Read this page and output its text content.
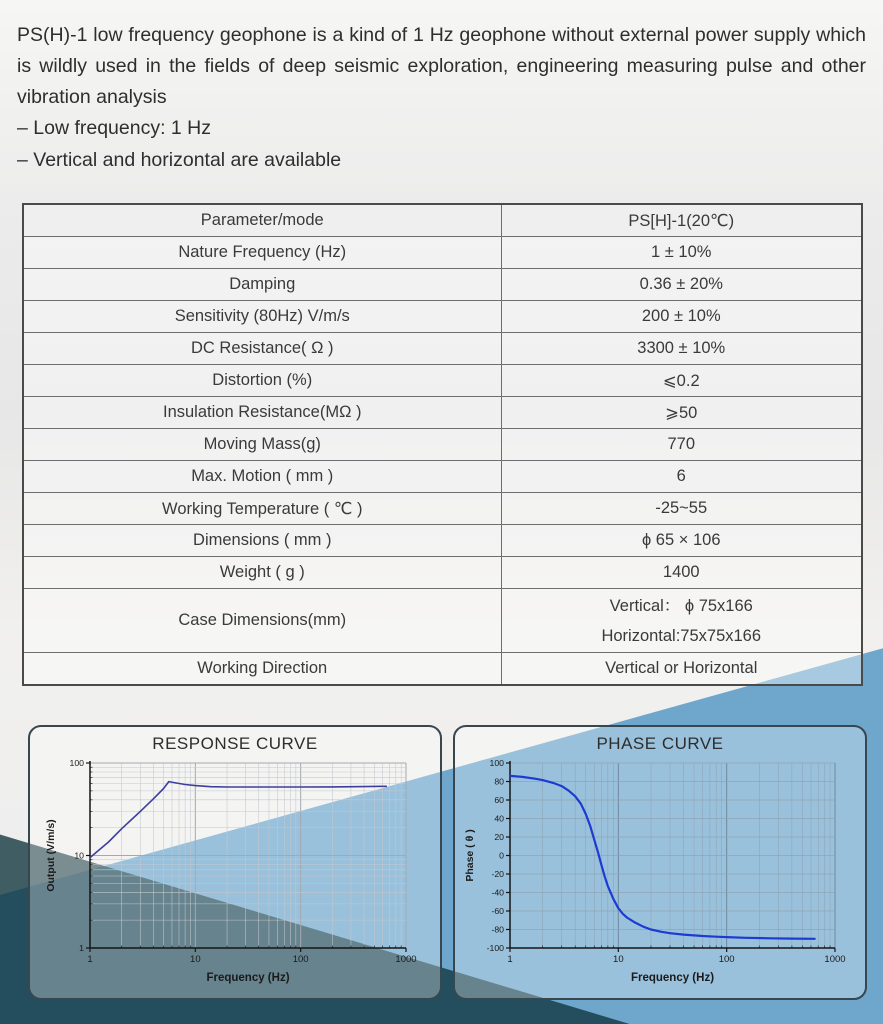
PS(H)-1 low frequency geophone is a kind of 1 Hz geophone without external power supply which is wildly used in the fields of deep seismic exploration, engineering measuring pulse and other vibration analysis

– Low frequency: 1 Hz
– Vertical and horizontal are available
Parameter/mode	PS[H]-1(20℃)
Nature Frequency (Hz)	1 ± 10%
Damping	0.36 ± 20%
Sensitivity (80Hz) V/m/s	200 ± 10%
DC Resistance( Ω )	3300 ± 10%
Distortion (%)	⩽0.2
Insulation Resistance(MΩ )	⩾50
Moving Mass(g)	770
Max. Motion ( mm )	6
Working Temperature ( ℃ )	-25~55
Dimensions ( mm )	ϕ 65 × 106
Weight ( g )	1400
Case Dimensions(mm)	Vertical： ϕ 75x166
Horizontal:75x75x166

Working Direction	Vertical or Horizontal
RESPONSE CURVE
1	10	100	1000
100
10
1
Frequency (Hz)
Output (V/m/s)
PHASE CURVE
1	10	100	1000
100
80
60
40
20
0
-20
-40
-60
-80
-100
Frequency (Hz)
Phase ( θ )
